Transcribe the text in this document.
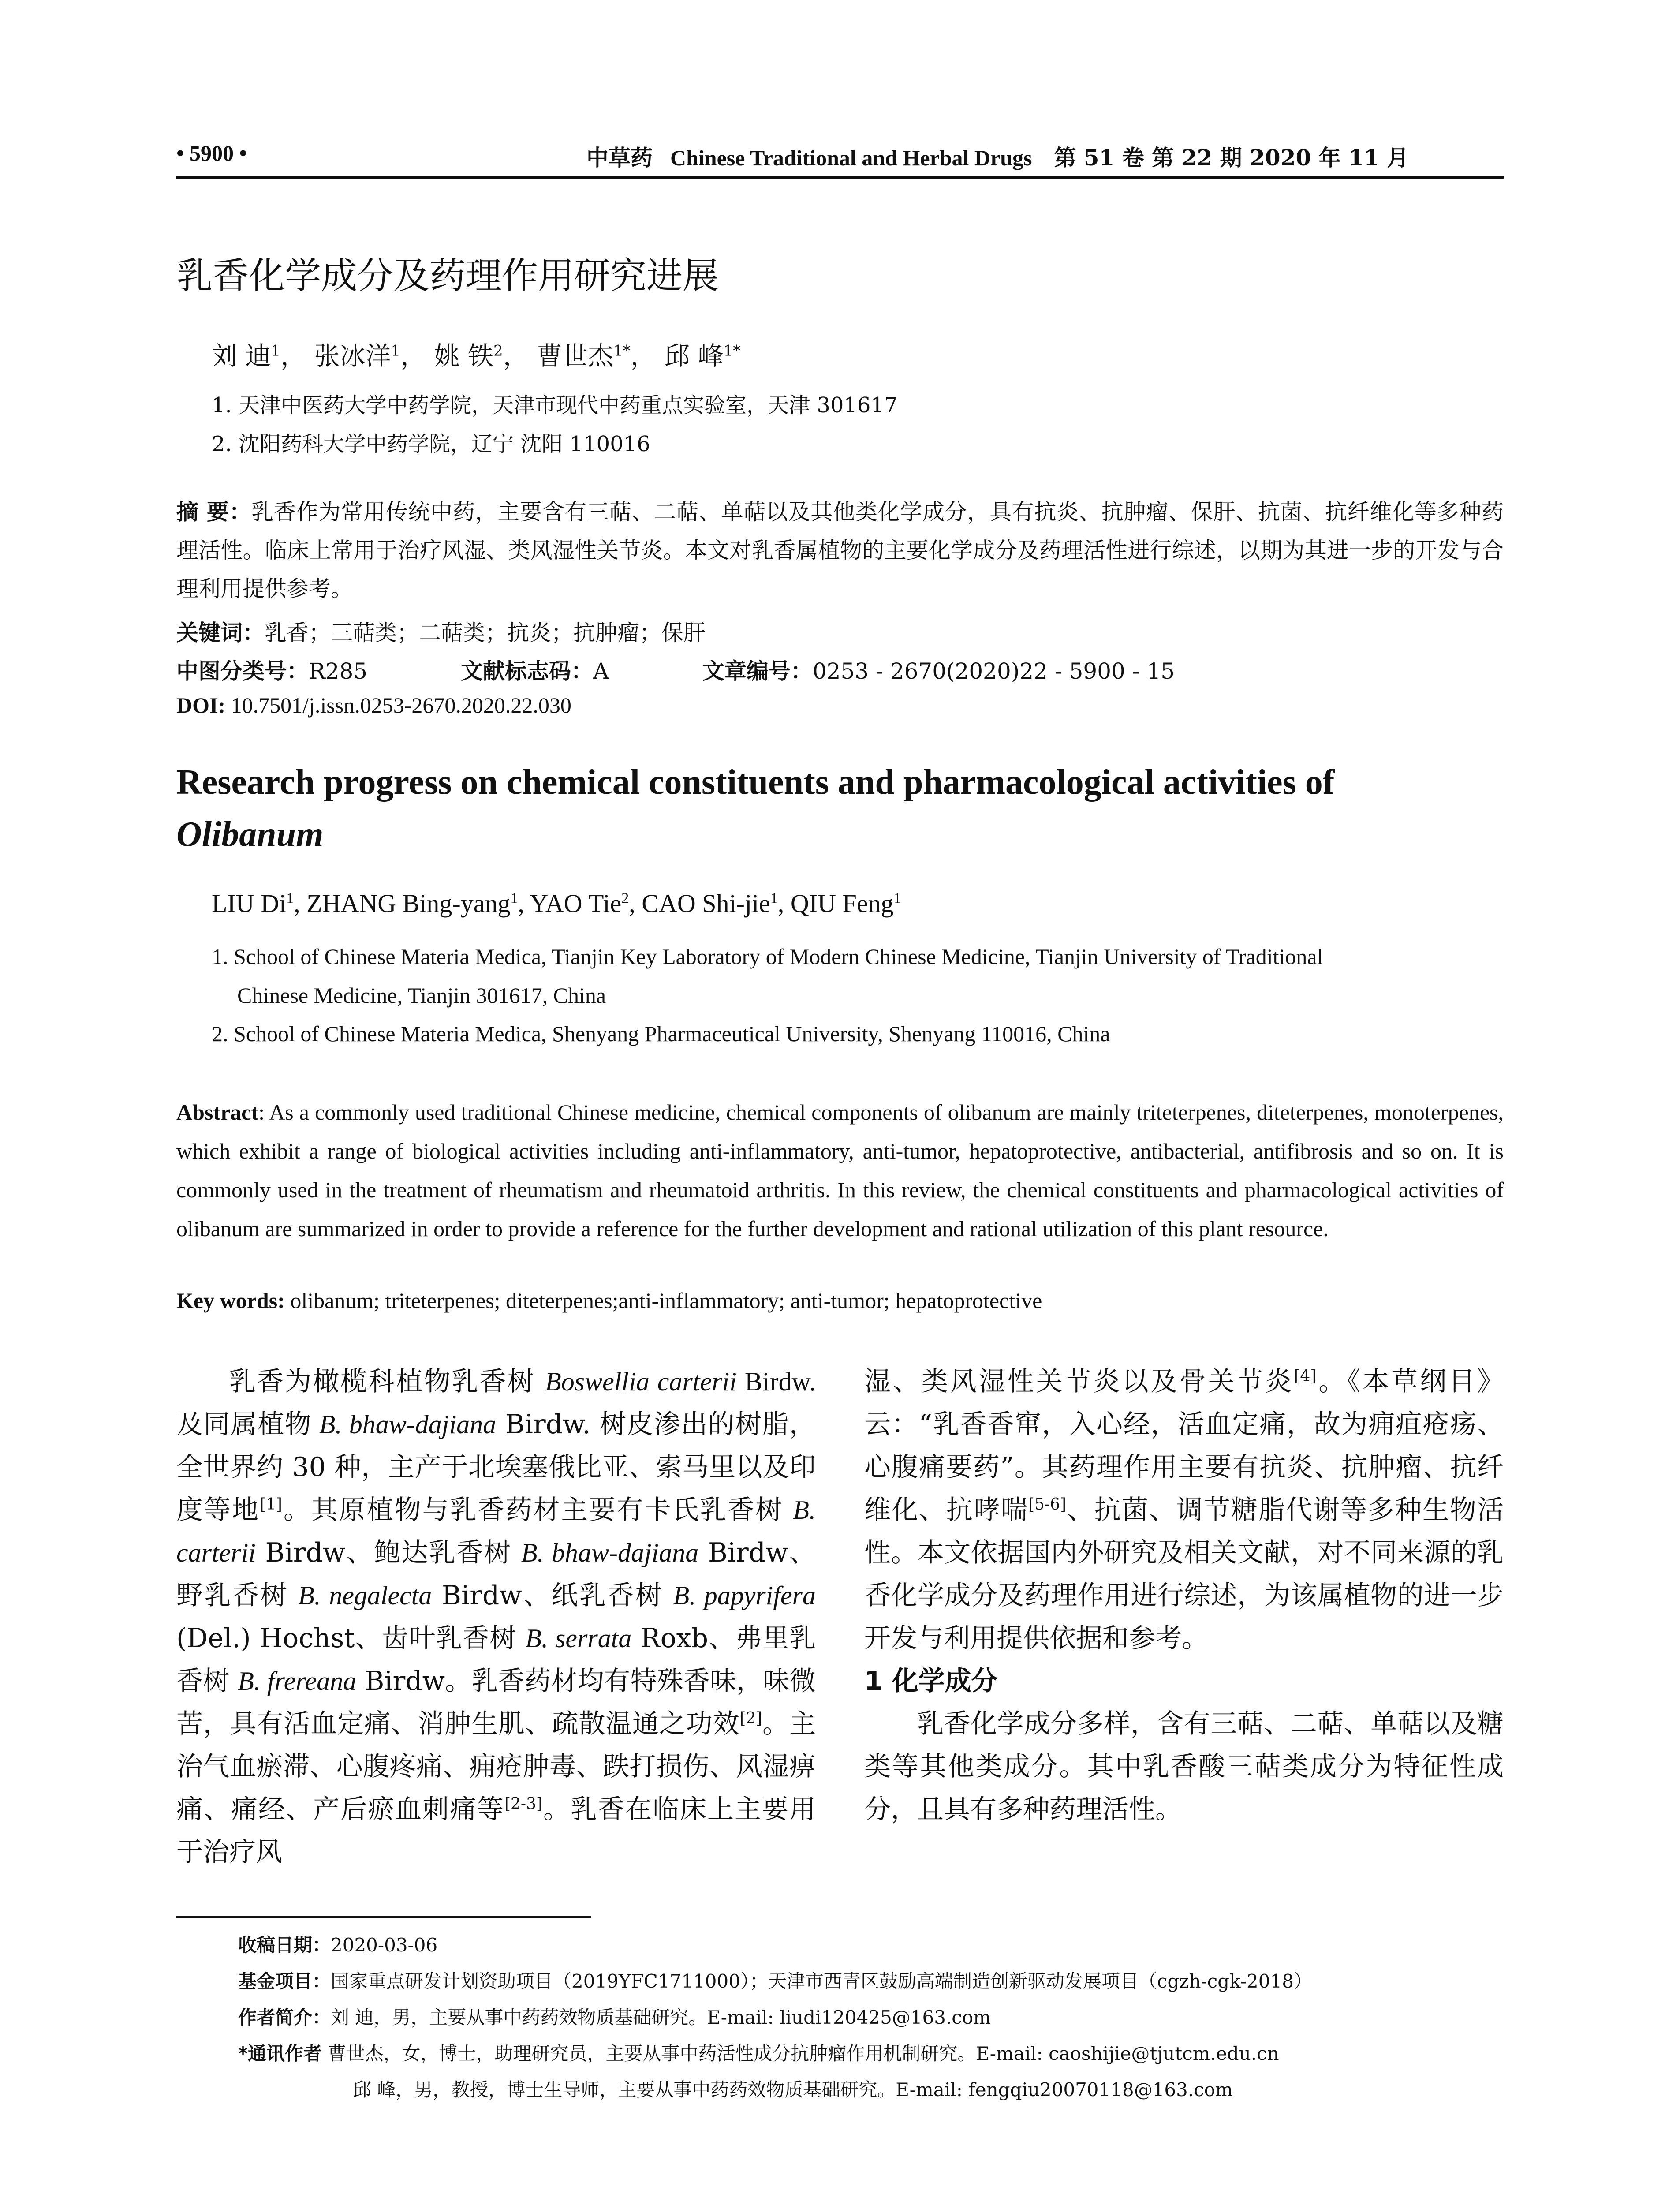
• 5900 •	中草药 Chinese Traditional and Herbal Drugs 第 51 卷 第 22 期 2020 年 11 月
乳香化学成分及药理作用研究进展
刘 迪$^1$， 张冰洋$^1$， 姚 铁$^2$， 曹世杰$^{1*}$， 邱 峰$^{1*}$
1. 天津中医药大学中药学院，天津市现代中药重点实验室，天津 301617
2. 沈阳药科大学中药学院，辽宁 沈阳 110016
摘 要：乳香作为常用传统中药，主要含有三萜、二萜、单萜以及其他类化学成分，具有抗炎、抗肿瘤、保肝、抗菌、抗纤维化等多种药理活性。临床上常用于治疗风湿、类风湿性关节炎。本文对乳香属植物的主要化学成分及药理活性进行综述，以期为其进一步的开发与合理利用提供参考。
关键词：乳香；三萜类；二萜类；抗炎；抗肿瘤；保肝
中图分类号：R285	文献标志码：A	文章编号：0253 - 2670(2020)22 - 5900 - 15
DOI: 10.7501/j.issn.0253-2670.2020.22.030
Research progress on chemical constituents and pharmacological activities of
Olibanum
LIU Di$^1$, ZHANG Bing-yang$^1$, YAO Tie$^2$, CAO Shi-jie$^1$, QIU Feng$^1$
1. School of Chinese Materia Medica, Tianjin Key Laboratory of Modern Chinese Medicine, Tianjin University of Traditional
Chinese Medicine, Tianjin 301617, China
2. School of Chinese Materia Medica, Shenyang Pharmaceutical University, Shenyang 110016, China
Abstract: As a commonly used traditional Chinese medicine, chemical components of olibanum are mainly triteterpenes, diteterpenes, monoterpenes, which exhibit a range of biological activities including anti-inflammatory, anti-tumor, hepatoprotective, antibacterial, antifibrosis and so on. It is commonly used in the treatment of rheumatism and rheumatoid arthritis. In this review, the chemical constituents and pharmacological activities of olibanum are summarized in order to provide a reference for the further development and rational utilization of this plant resource.
Key words: olibanum; triteterpenes; diteterpenes;anti-inflammatory; anti-tumor; hepatoprotective

乳香为橄榄科植物乳香树 Boswellia carterii Birdw. 及同属植物 B. bhaw-dajiana Birdw. 树皮渗出的树脂，全世界约 30 种，主产于北埃塞俄比亚、索马里以及印度等地[1]。其原植物与乳香药材主要有卡氏乳香树 B. carterii Birdw、鲍达乳香树 B. bhaw-dajiana Birdw、野乳香树 B. negalecta Birdw、纸乳香树 B. papyrifera (Del.) Hochst、齿叶乳香树 B. serrata Roxb、弗里乳香树 B. frereana Birdw。乳香药材均有特殊香味，味微苦，具有活血定痛、消肿生肌、疏散温通之功效[2]。主治气血瘀滞、心腹疼痛、痈疮肿毒、跌打损伤、风湿痹痛、痛经、产后瘀血刺痛等[2-3]。乳香在临床上主要用于治疗风

湿、类风湿性关节炎以及骨关节炎[4]。《本草纲目》云：“乳香香窜，入心经，活血定痛，故为痈疽疮疡、心腹痛要药”。其药理作用主要有抗炎、抗肿瘤、抗纤维化、抗哮喘[5-6]、抗菌、调节糖脂代谢等多种生物活性。本文依据国内外研究及相关文献，对不同来源的乳香化学成分及药理作用进行综述，为该属植物的进一步开发与利用提供依据和参考。

1 化学成分

乳香化学成分多样，含有三萜、二萜、单萜以及糖类等其他类成分。其中乳香酸三萜类成分为特征性成分，且具有多种药理活性。

收稿日期：2020-03-06
基金项目：国家重点研发计划资助项目（2019YFC1711000）；天津市西青区鼓励高端制造创新驱动发展项目（cgzh-cgk-2018）
作者简介：刘 迪，男，主要从事中药药效物质基础研究。E-mail: liudi120425@163.com
*通讯作者 曹世杰，女，博士，助理研究员，主要从事中药活性成分抗肿瘤作用机制研究。E-mail: caoshijie@tjutcm.edu.cn
邱 峰，男，教授，博士生导师，主要从事中药药效物质基础研究。E-mail: fengqiu20070118@163.com
